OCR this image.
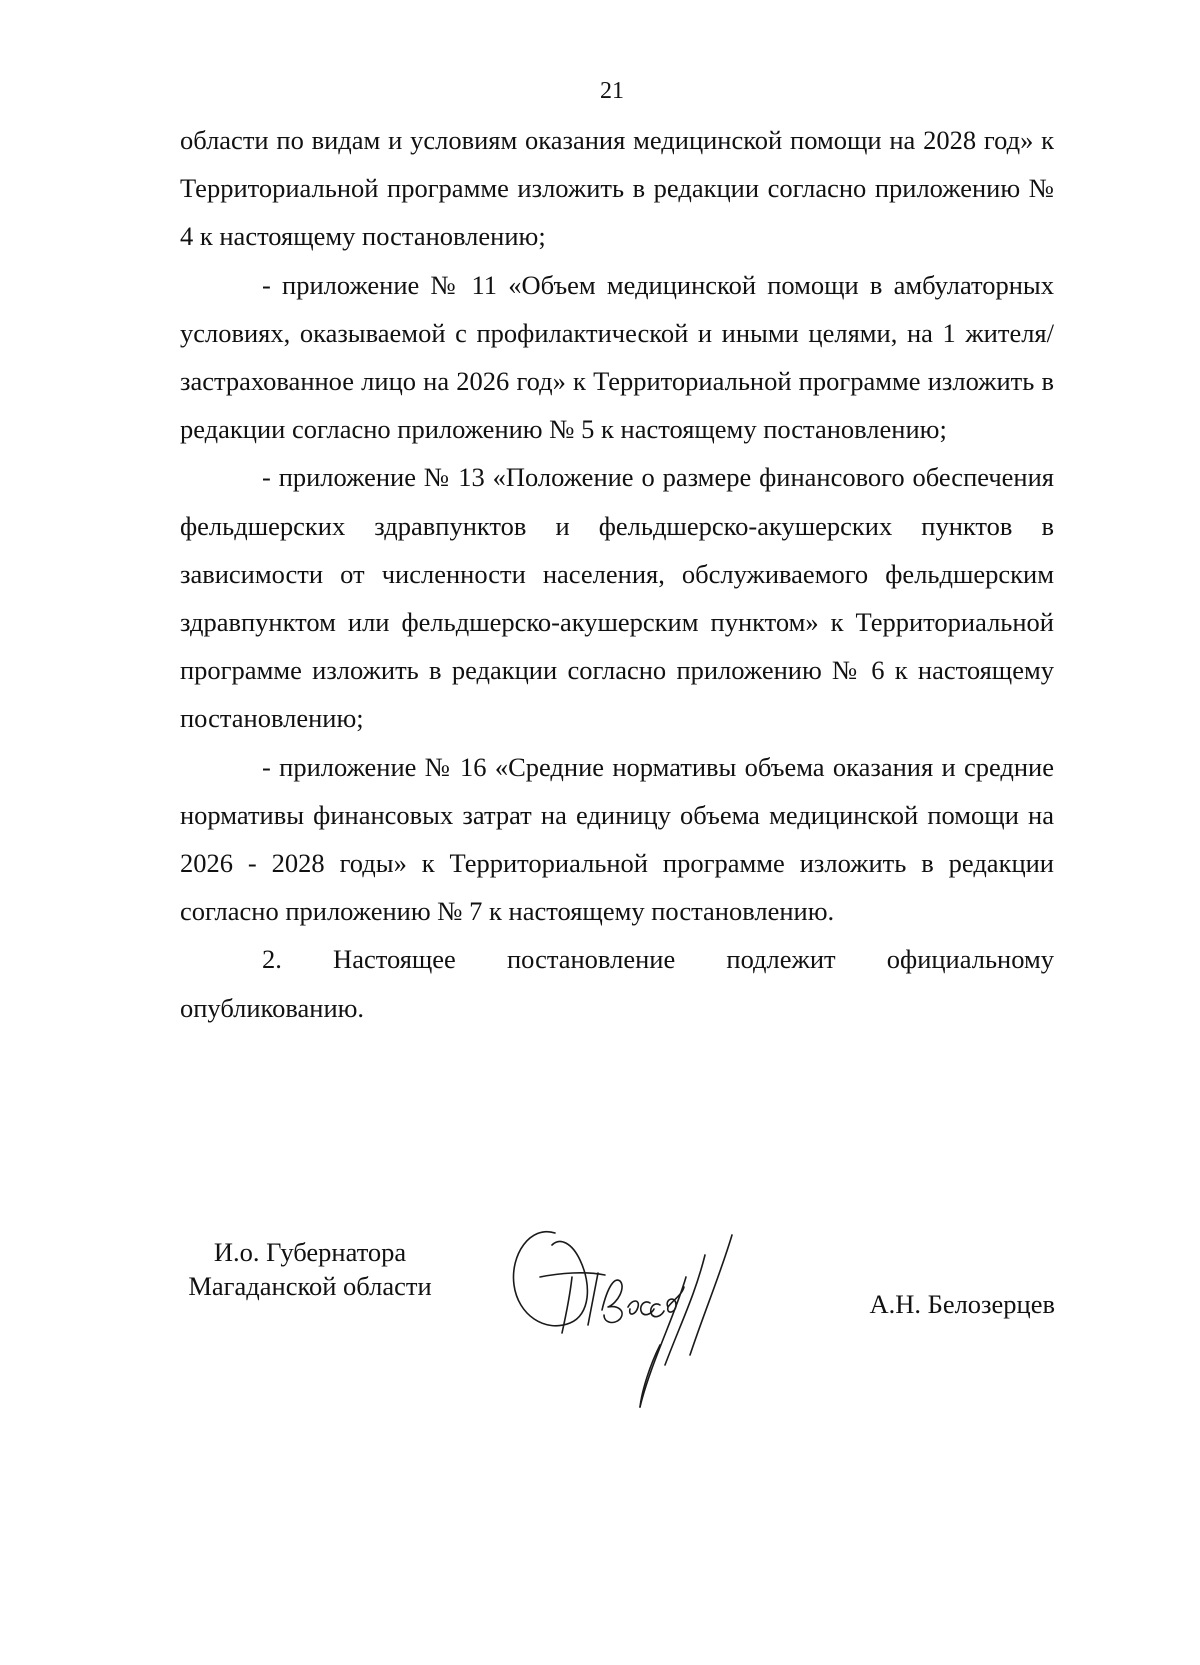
21

области по видам и условиям оказания медицинской помощи на 2028 год» к Территориальной программе изложить в редакции согласно приложению № 4 к настоящему постановлению;

- приложение № 11 «Объем медицинской помощи в амбулаторных условиях, оказываемой с профилактической и иными целями, на 1 жителя/застрахованное лицо на 2026 год» к Территориальной программе изложить в редакции согласно приложению № 5 к настоящему постановлению;

- приложение № 13 «Положение о размере финансового обеспечения фельдшерских здравпунктов и фельдшерско-акушерских пунктов в зависимости от численности населения, обслуживаемого фельдшерским здравпунктом или фельдшерско-акушерским пунктом» к Территориальной программе изложить в редакции согласно приложению № 6 к настоящему постановлению;

- приложение № 16 «Средние нормативы объема оказания и средние нормативы финансовых затрат на единицу объема медицинской помощи на 2026 - 2028 годы» к Территориальной программе изложить в редакции согласно приложению № 7 к настоящему постановлению.

2. Настоящее постановление подлежит официальному опубликованию.

И.о. Губернатора
Магаданской области
А.Н. Белозерцев
